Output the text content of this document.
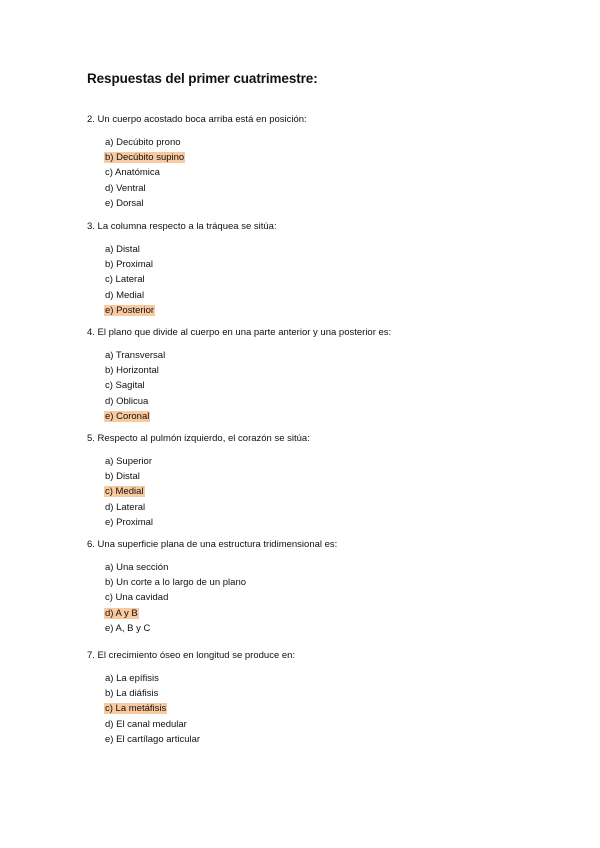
Respuestas del primer cuatrimestre:
2. Un cuerpo acostado boca arriba está en posición:
a) Decúbito prono
b) Decúbito supino
c) Anatómica
d) Ventral
e) Dorsal
3. La columna respecto a la tráquea se sitúa:
a) Distal
b) Proximal
c) Lateral
d) Medial
e) Posterior
4. El plano que divide al cuerpo en una parte anterior y una posterior es:
a) Transversal
b) Horizontal
c) Sagital
d) Oblicua
e) Coronal
5. Respecto al pulmón izquierdo, el corazón se sitúa:
a) Superior
b) Distal
c) Medial
d) Lateral
e) Proximal
6. Una superficie plana de una estructura tridimensional es:
a) Una sección
b) Un corte a lo largo de un plano
c) Una cavidad
d) A y B
e) A, B y C
7. El crecimiento óseo en longitud se produce en:
a) La epífisis
b) La diáfisis
c) La metáfisis
d) El canal medular
e) El cartílago articular
